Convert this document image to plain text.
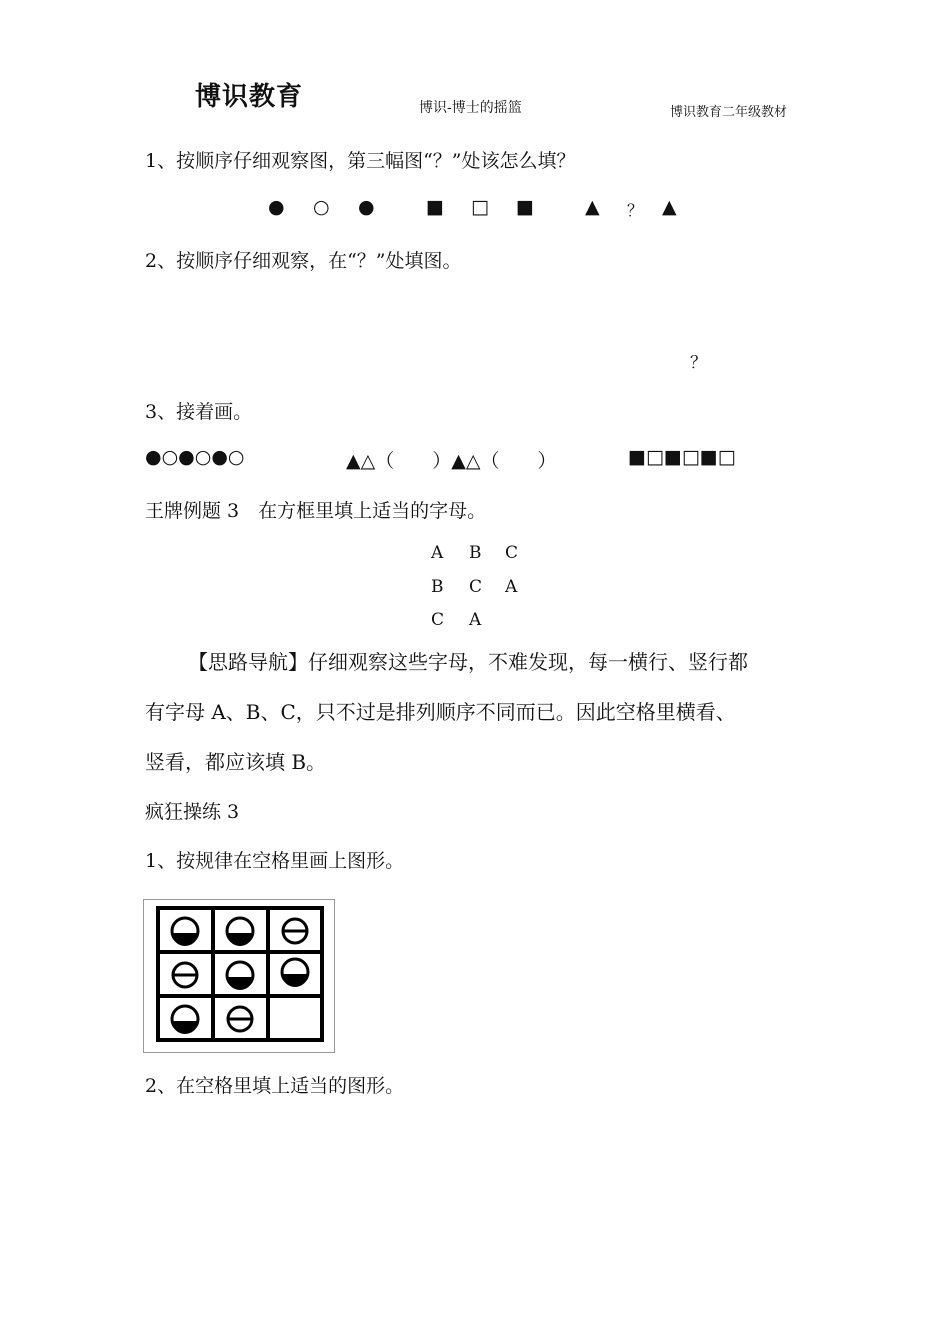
博识教育	博识-博士的摇篮	博识教育二年级教材
1、按顺序仔细观察图，第三幅图“？”处该怎么填？
● ○ ●	■ □ ■	▲ ？ ▲
2、按顺序仔细观察，在“？”处填图。
？
3、接着画。
●○●○●○	▲△（　　）▲△（　　）	■□■□■□
王牌例题 3　在方框里填上适当的字母。
A B C
B C A
C A
【思路导航】仔细观察这些字母，不难发现，每一横行、竖行都
有字母 A、B、C，只不过是排列顺序不同而已。因此空格里横看、
竖看，都应该填 B。
疯狂操练 3
1、按规律在空格里画上图形。
2、在空格里填上适当的图形。
